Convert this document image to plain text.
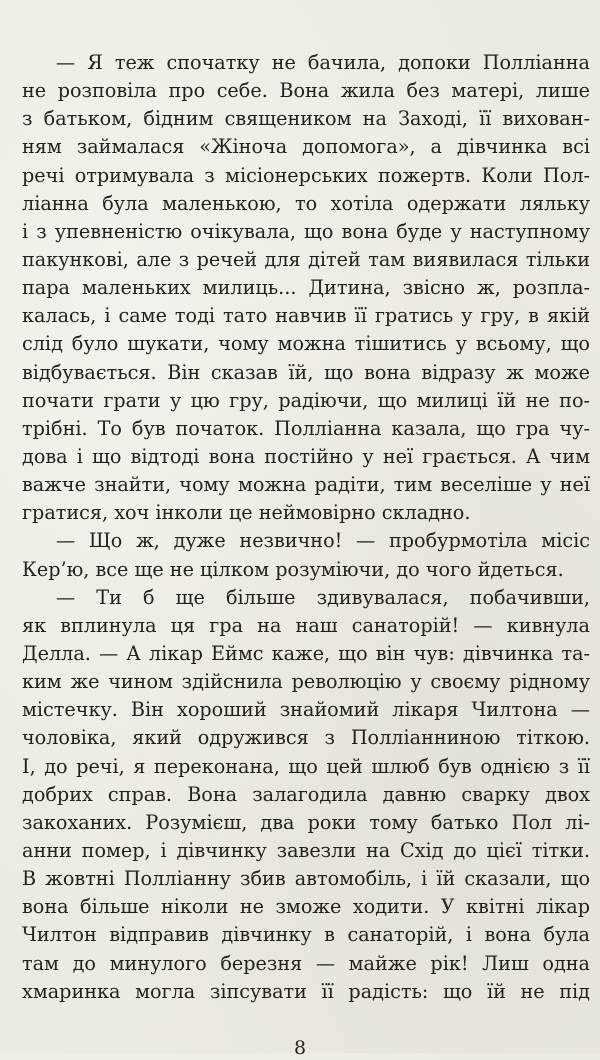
— Я теж спочатку не бачила, допоки Полліанна
не розповіла про себе. Вона жила без матері, лише
з батьком, бідним священиком на Заході, її вихован-
ням займалася «Жіноча допомога», а дівчинка всі
речі отримувала з місіонерських пожертв. Коли Пол-
ліанна була маленькою, то хотіла одержати ляльку
і з упевненістю очікувала, що вона буде у наступному
пакункові, але з речей для дітей там виявилася тільки
пара маленьких милиць... Дитина, звісно ж, розпла-
калась, і саме тоді тато навчив її гратись у гру, в якій
слід було шукати, чому можна тішитись у всьому, що
відбувається. Він сказав їй, що вона відразу ж може
почати грати у цю гру, радіючи, що милиці їй не по-
трібні. То був початок. Полліанна казала, що гра чу-
дова і що відтоді вона постійно у неї грається. А чим
важче знайти, чому можна радіти, тим веселіше у неї
гратися, хоч інколи це неймовірно складно.
— Що ж, дуже незвично! — пробурмотіла місіс
Кер’ю, все ще не цілком розуміючи, до чого йдеться.
— Ти б ще більше здивувалася, побачивши,
як вплинула ця гра на наш санаторій! — кивнула
Делла. — А лікар Еймс каже, що він чув: дівчинка та-
ким же чином здійснила революцію у своєму рідному
містечку. Він хороший знайомий лікаря Чилтона —
чоловіка, який одружився з Полліанниною тіткою.
І, до речі, я переконана, що цей шлюб був однією з її
добрих справ. Вона залагодила давню сварку двох
закоханих. Розумієш, два роки тому батько Пол лі-
анни помер, і дівчинку завезли на Схід до цієї тітки.
В жовтні Полліанну збив автомобіль, і їй сказали, що
вона більше ніколи не зможе ходити. У квітні лікар
Чилтон відправив дівчинку в санаторій, і вона була
там до минулого березня — майже рік! Лиш одна
хмаринка могла зіпсувати її радість: що їй не під
8
